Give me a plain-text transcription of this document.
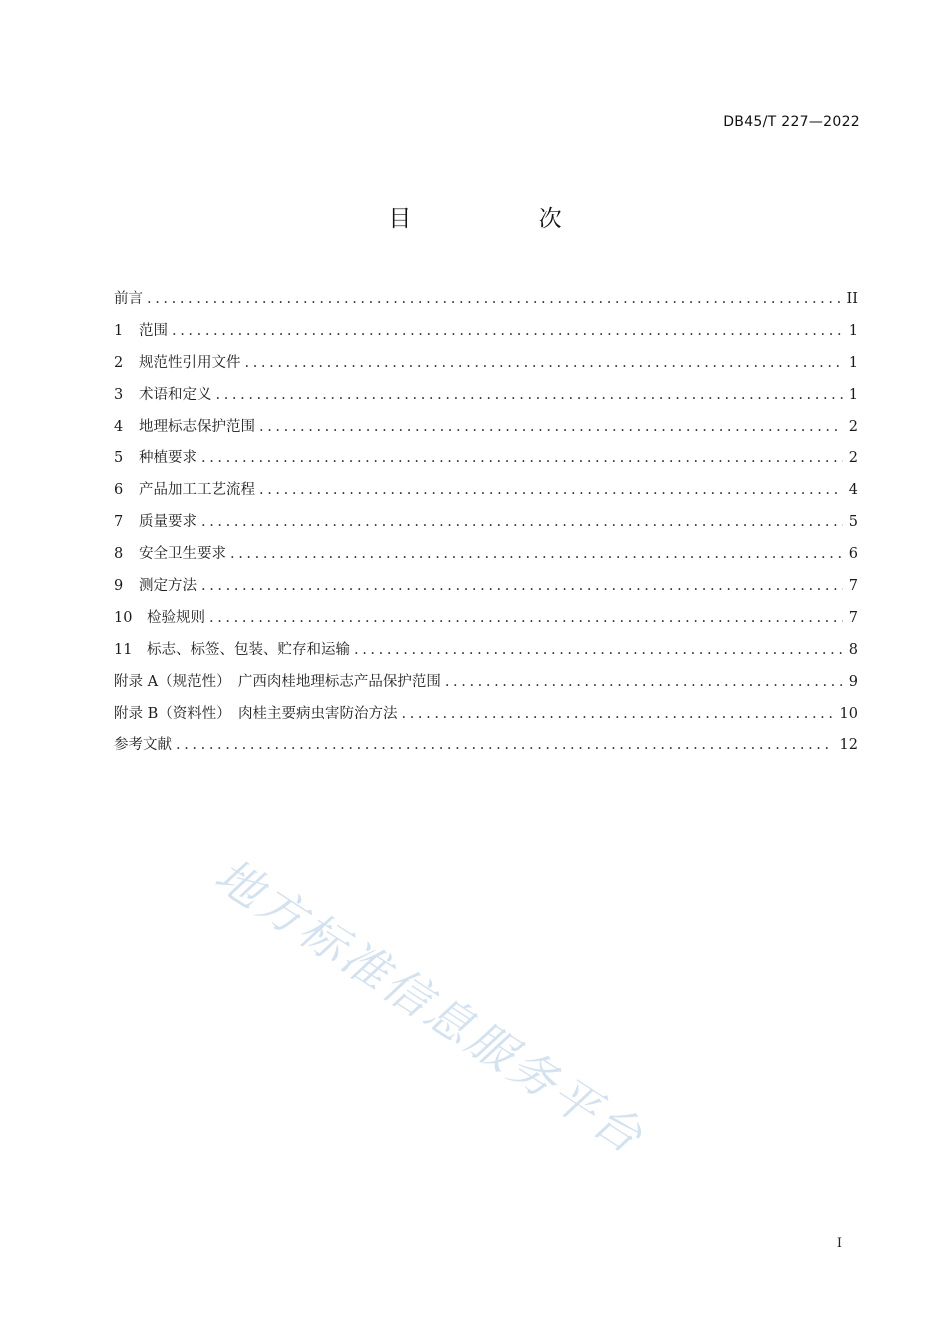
DB45/T 227—2022
目 次
前言 .....	II
1 范围 .....	1
2 规范性引用文件 .....	1
3 术语和定义 .....	1
4 地理标志保护范围 .....	2
5 种植要求 .....	2
6 产品加工工艺流程 .....	4
7 质量要求 .....	5
8 安全卫生要求 .....	6
9 测定方法 .....	7
10 检验规则 .....	7
11 标志、标签、包装、贮存和运输 .....	8
附录 A（规范性）　广西肉桂地理标志产品保护范围 .....	9
附录 B（资料性）　肉桂主要病虫害防治方法 .....	10
参考文献 .....	12
地方标准信息服务平台
I
